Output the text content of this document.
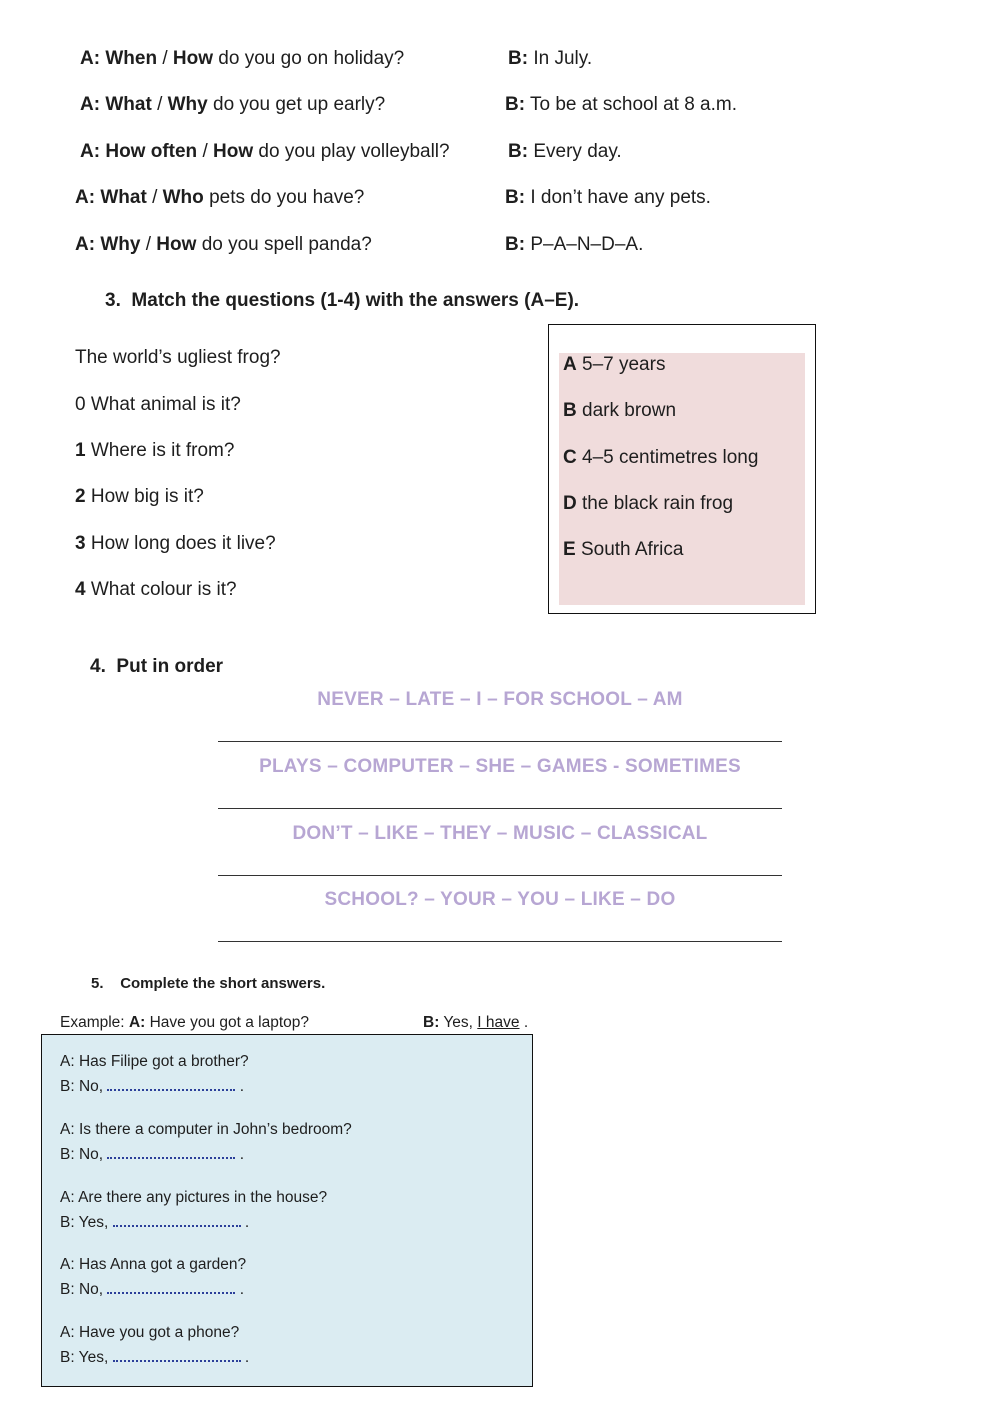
A: When / How do you go on holiday?	B: In July.
A: What / Why do you get up early?	B: To be at school at 8 a.m.
A: How often / How do you play volleyball?	B: Every day.
A: What / Who pets do you have?	B: I don’t have any pets.
A: Why / How do you spell panda?	B: P–A–N–D–A.
3. Match the questions (1-4) with the answers (A–E).
The world’s ugliest frog?
0 What animal is it?
1 Where is it from?
2 How big is it?
3 How long does it live?
4 What colour is it?
A 5–7 years
B dark brown
C 4–5 centimetres long
D the black rain frog
E South Africa
4. Put in order
NEVER – LATE – I – FOR SCHOOL – AM
PLAYS – COMPUTER – SHE – GAMES - SOMETIMES
DON’T – LIKE – THEY – MUSIC – CLASSICAL
SCHOOL? – YOUR – YOU – LIKE – DO
5. Complete the short answers.
Example: A: Have you got a laptop?	B: Yes, I have .
A: Has Filipe got a brother?
B: No,	.
A: Is there a computer in John’s bedroom?
B: No,	.
A: Are there any pictures in the house?
B: Yes,	.
A: Has Anna got a garden?
B: No,	.
A: Have you got a phone?
B: Yes,	.
